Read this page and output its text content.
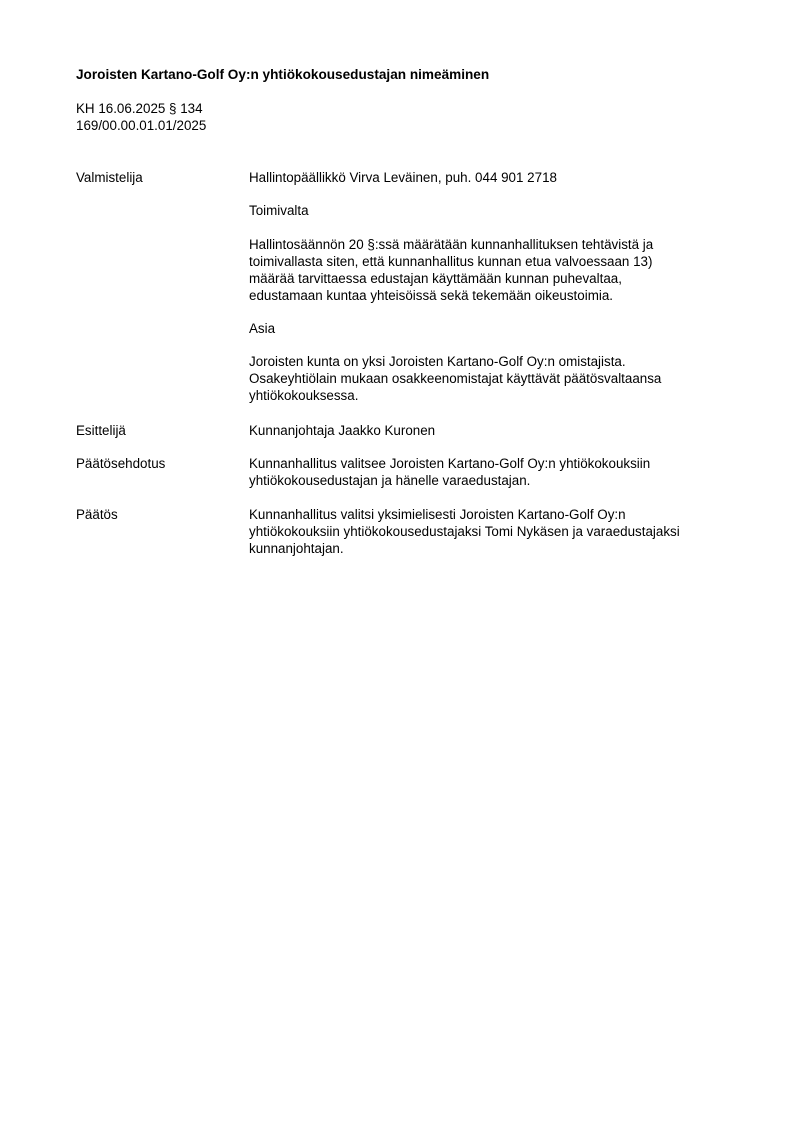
Joroisten Kartano-Golf Oy:n yhtiökokousedustajan nimeäminen
KH 16.06.2025 § 134
169/00.00.01.01/2025
Valmistelija	Hallintopäällikkö Virva Leväinen, puh. 044 901 2718
Toimivalta
Hallintosäännön 20 §:ssä määrätään kunnanhallituksen tehtävistä ja
toimivallasta siten, että kunnanhallitus kunnan etua valvoessaan 13)
määrää tarvittaessa edustajan käyttämään kunnan puhevaltaa,
edustamaan kuntaa yhteisöissä sekä tekemään oikeustoimia.
Asia
Joroisten kunta on yksi Joroisten Kartano-Golf Oy:n omistajista.
Osakeyhtiölain mukaan osakkeenomistajat käyttävät päätösvaltaansa
yhtiökokouksessa.
Esittelijä	Kunnanjohtaja Jaakko Kuronen
Päätösehdotus	Kunnanhallitus valitsee Joroisten Kartano-Golf Oy:n yhtiökokouksiin
yhtiökokousedustajan ja hänelle varaedustajan.
Päätös	Kunnanhallitus valitsi yksimielisesti Joroisten Kartano-Golf Oy:n
yhtiökokouksiin yhtiökokousedustajaksi Tomi Nykäsen ja varaedustajaksi
kunnanjohtajan.
